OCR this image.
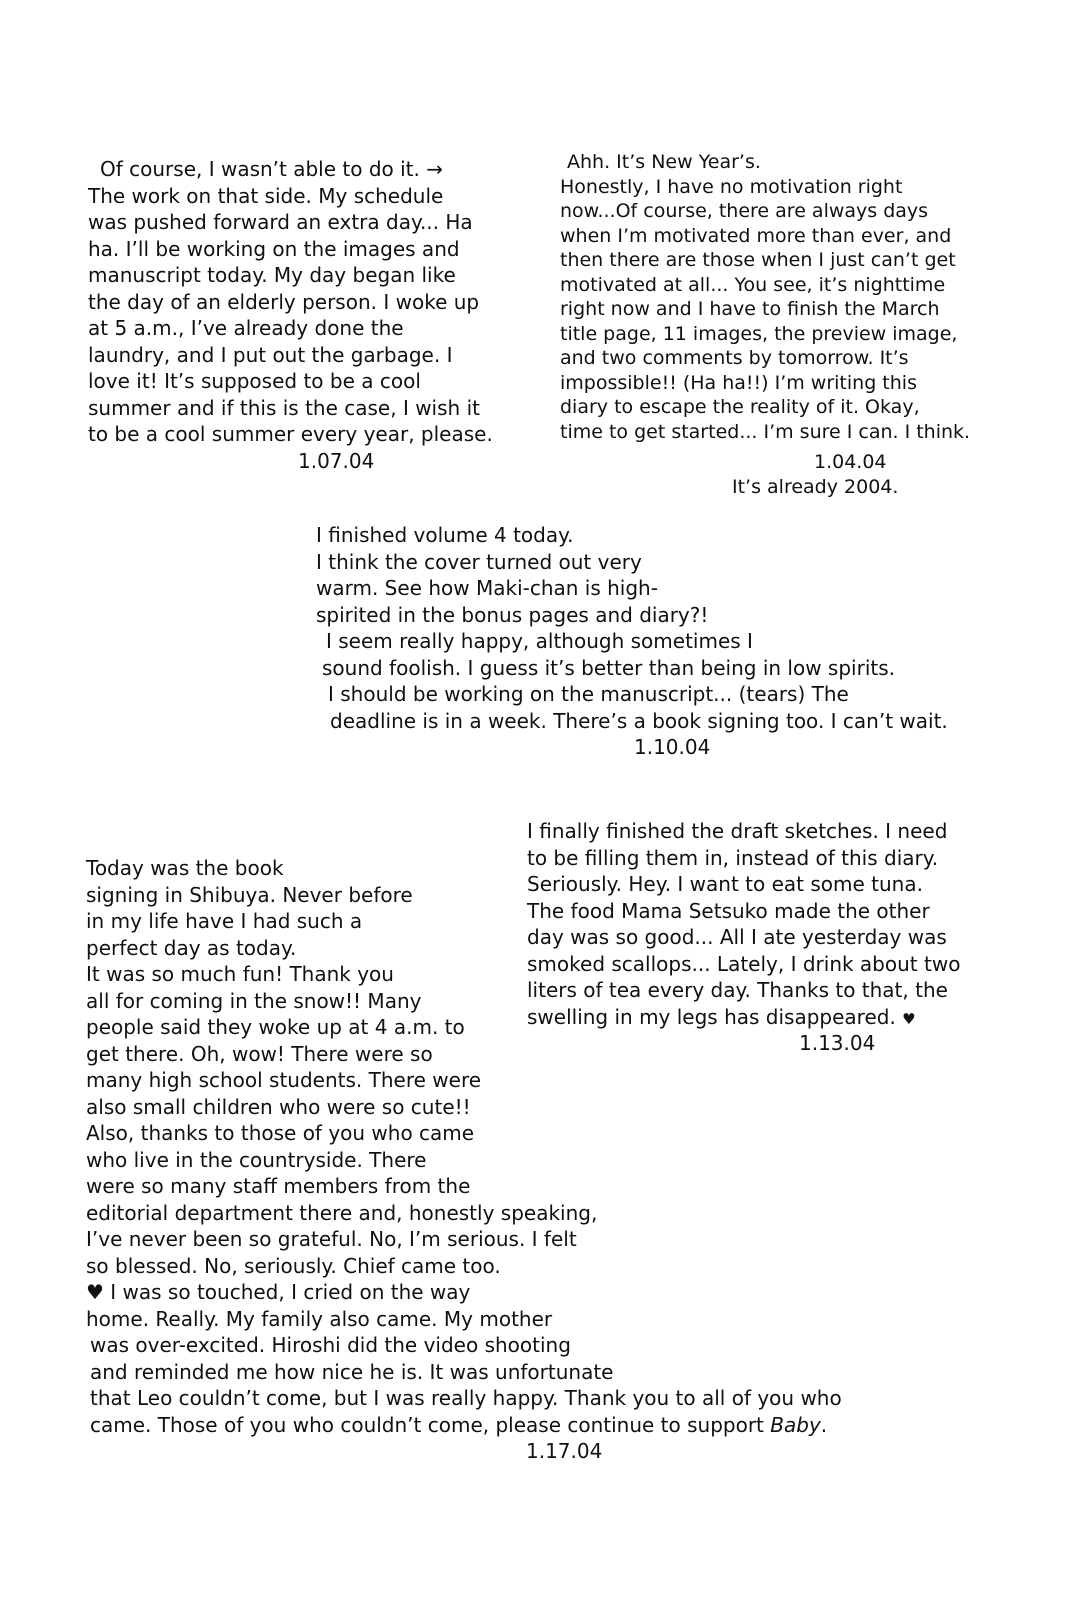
Of course, I wasn’t able to do it. →
The work on that side. My schedule
was pushed forward an extra day... Ha
ha. I’ll be working on the images and
manuscript today. My day began like
the day of an elderly person. I woke up
at 5 a.m., I’ve already done the
laundry, and I put out the garbage. I
love it! It’s supposed to be a cool
summer and if this is the case, I wish it
to be a cool summer every year, please.
1.07.04
Ahh. It’s New Year’s.
Honestly, I have no motivation right
now...Of course, there are always days
when I’m motivated more than ever, and
then there are those when I just can’t get
motivated at all... You see, it’s nighttime
right now and I have to finish the March
title page, 11 images, the preview image,
and two comments by tomorrow. It’s
impossible!! (Ha ha!!) I’m writing this
diary to escape the reality of it. Okay,
time to get started... I’m sure I can. I think.
1.04.04
It’s already 2004.
I finished volume 4 today.
I think the cover turned out very
warm. See how Maki-chan is high-
spirited in the bonus pages and diary?!
I seem really happy, although sometimes I
sound foolish. I guess it’s better than being in low spirits.
I should be working on the manuscript... (tears) The
deadline is in a week. There’s a book signing too. I can’t wait.
1.10.04
I finally finished the draft sketches. I need
to be filling them in, instead of this diary.
Seriously. Hey. I want to eat some tuna.
The food Mama Setsuko made the other
day was so good... All I ate yesterday was
smoked scallops... Lately, I drink about two
liters of tea every day. Thanks to that, the
swelling in my legs has disappeared. ♥
1.13.04
Today was the book
signing in Shibuya. Never before
in my life have I had such a
perfect day as today.
It was so much fun! Thank you
all for coming in the snow!! Many
people said they woke up at 4 a.m. to
get there. Oh, wow! There were so
many high school students. There were
also small children who were so cute!!
Also, thanks to those of you who came
who live in the countryside. There
were so many staff members from the
editorial department there and, honestly speaking,
I’ve never been so grateful. No, I’m serious. I felt
so blessed. No, seriously. Chief came too.
♥ I was so touched, I cried on the way
home. Really. My family also came. My mother
was over-excited. Hiroshi did the video shooting
and reminded me how nice he is. It was unfortunate
that Leo couldn’t come, but I was really happy. Thank you to all of you who
came. Those of you who couldn’t come, please continue to support Baby.
1.17.04
